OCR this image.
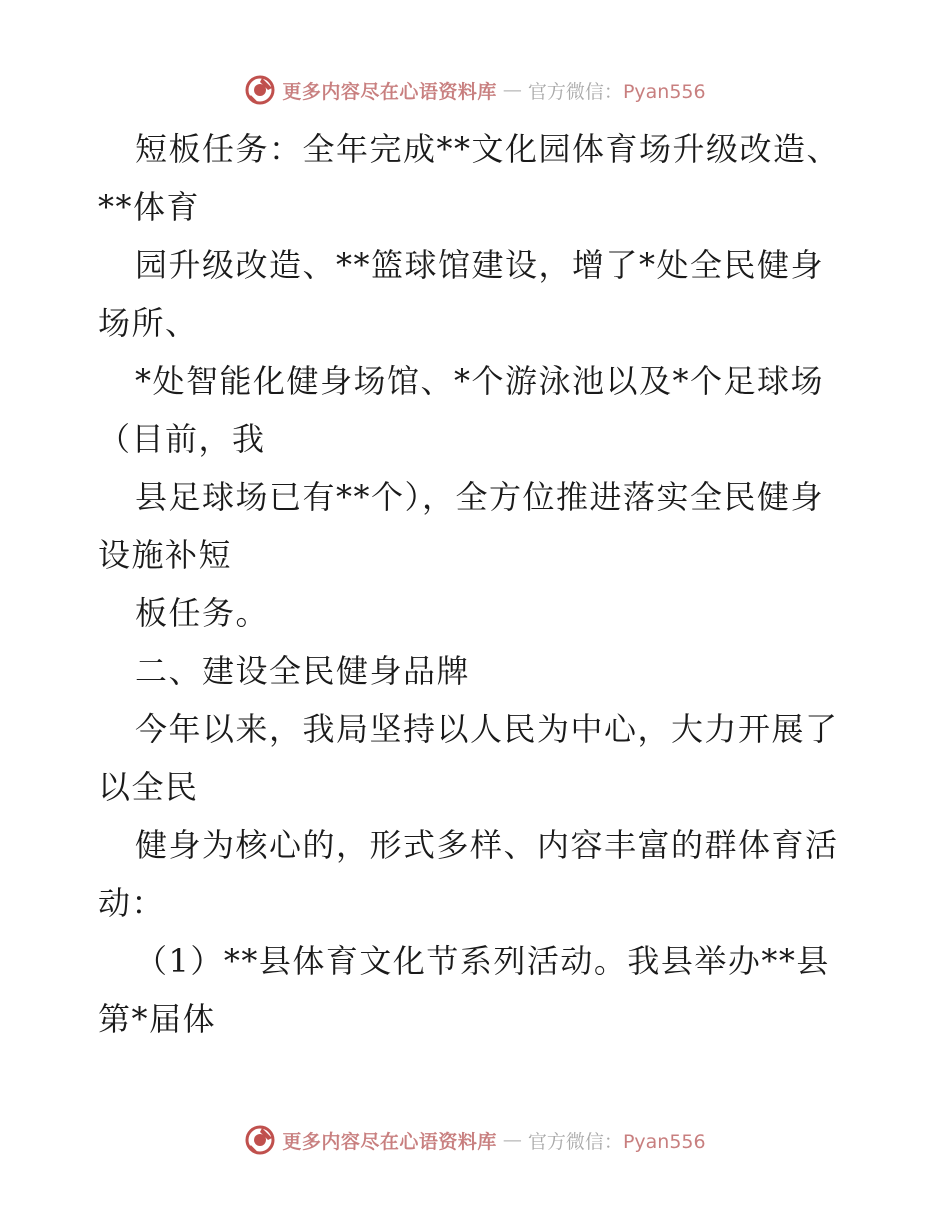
更多内容尽在心语资料库 — 官方微信：Pyan556
短板任务：全年完成**文化园体育场升级改造、
**体育
园升级改造、**篮球馆建设，增了*处全民健身
场所、
*处智能化健身场馆、*个游泳池以及*个足球场
（目前，我
县足球场已有**个），全方位推进落实全民健身
设施补短
板任务。
二、建设全民健身品牌
今年以来，我局坚持以人民为中心，大力开展了
以全民
健身为核心的，形式多样、内容丰富的群体育活
动：
（1）**县体育文化节系列活动。我县举办**县
第*届体
更多内容尽在心语资料库 — 官方微信：Pyan556
